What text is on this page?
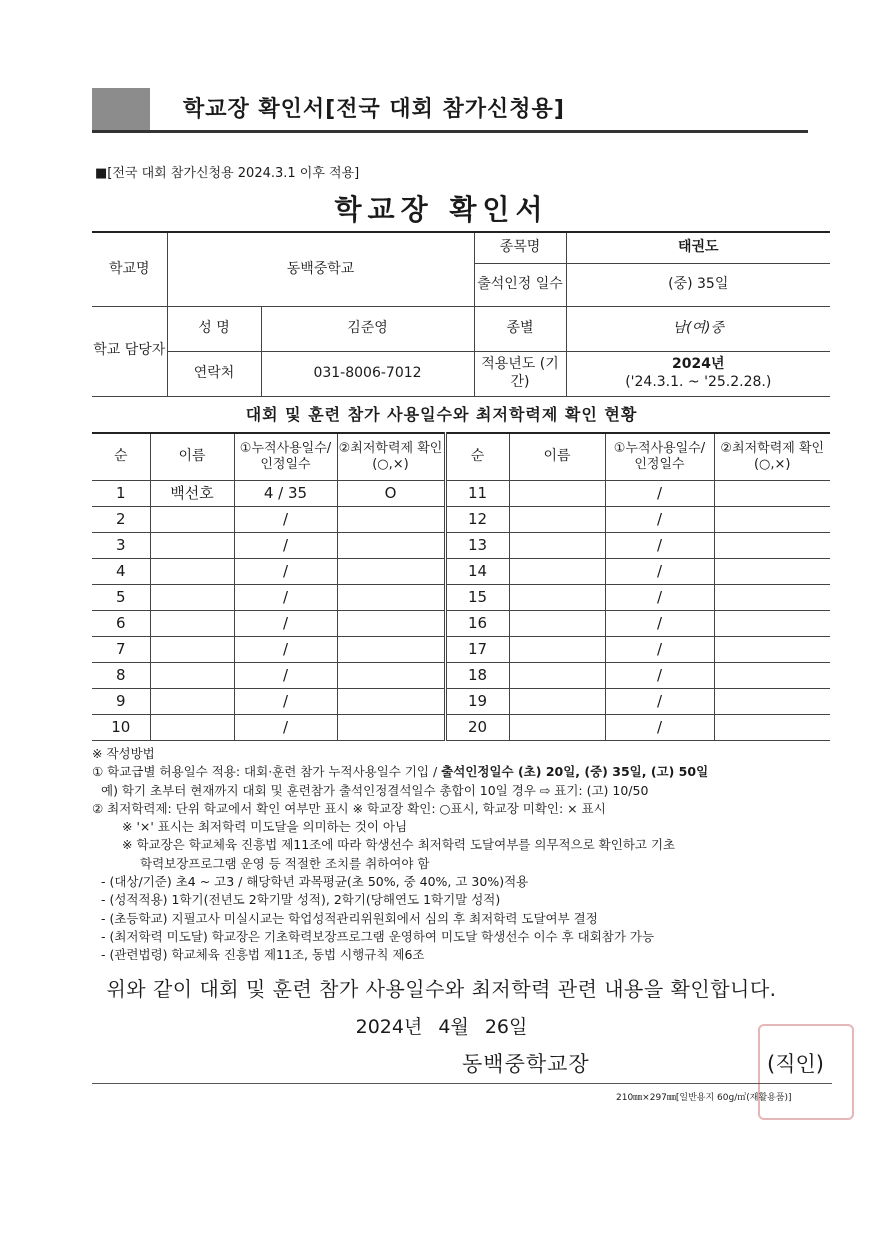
학교장 확인서[전국 대회 참가신청용]
■[전국 대회 참가신청용 2024.3.1 이후 적용]
학교장 확인서
학교명	동백중학교		종목명	태권도
			출석인정 일수	(중) 35일
학교 담당자	성 명	김준영	종별	남(여)중
	연락처	031-8006-7012	적용년도 (기간)	2024년
('24.3.1. ~ '25.2.28.)
대회 및 훈련 참가 사용일수와 최저학력제 확인 현황
순	이름	①누적사용일수/인정일수	②최저학력제 확인(○,×)	순	이름	①누적사용일수/ 인정일수	②최저학력제 확인(○,×)
1	백선호	4 / 35	O	11		/	
2		/		12		/	
3		/		13		/	
4		/		14		/	
5		/		15		/	
6		/		16		/	
7		/		17		/	
8		/		18		/	
9		/		19		/	
10		/		20		/	
※ 작성방법
① 학교급별 허용일수 적용: 대회·훈련 참가 누적사용일수 기입 / 출석인정일수 (초) 20일, (중) 35일, (고) 50일
예) 학기 초부터 현재까지 대회 및 훈련참가 출석인정결석일수 총합이 10일 경우 ⇨ 표기: (고) 10/50
② 최저학력제: 단위 학교에서 확인 여부만 표시 ※ 학교장 확인: ○표시, 학교장 미확인: × 표시
※ '×' 표시는 최저학력 미도달을 의미하는 것이 아님
※ 학교장은 학교체육 진흥법 제11조에 따라 학생선수 최저학력 도달여부를 의무적으로 확인하고 기초
학력보장프로그램 운영 등 적절한 조치를 취하여야 함
- (대상/기준) 초4 ~ 고3 / 해당학년 과목평균(초 50%, 중 40%, 고 30%)적용
- (성적적용) 1학기(전년도 2학기말 성적), 2학기(당해연도 1학기말 성적)
- (초등학교) 지필고사 미실시교는 학업성적관리위원회에서 심의 후 최저학력 도달여부 결정
- (최저학력 미도달) 학교장은 기초학력보장프로그램 운영하여 미도달 학생선수 이수 후 대회참가 가능
- (관련법령) 학교체육 진흥법 제11조, 동법 시행규칙 제6조
위와 같이 대회 및 훈련 참가 사용일수와 최저학력 관련 내용을 확인합니다.
2024년 4월 26일
동백중학교장	(직인)
210㎜×297㎜[일반용지 60g/㎡(재활용품)]
